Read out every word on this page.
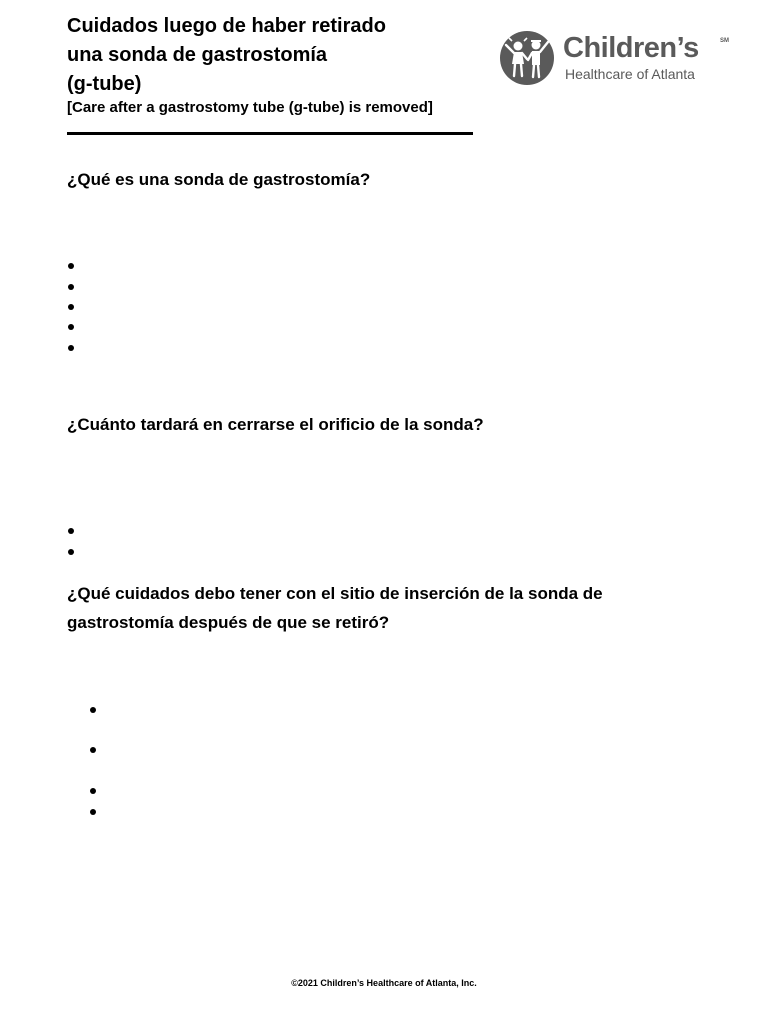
Cuidados luego de haber retirado
una sonda de gastrostomía
(g-tube)
[Care after a gastrostomy tube (g-tube) is removed]
Children’s	SM
Healthcare of Atlanta
¿Qué es una sonda de gastrostomía?
¿Cuánto tardará en cerrarse el orificio de la sonda?
¿Qué cuidados debo tener con el sitio de inserción de la sonda de gastrostomía después de que se retiró?
©2021 Children’s Healthcare of Atlanta, Inc.
